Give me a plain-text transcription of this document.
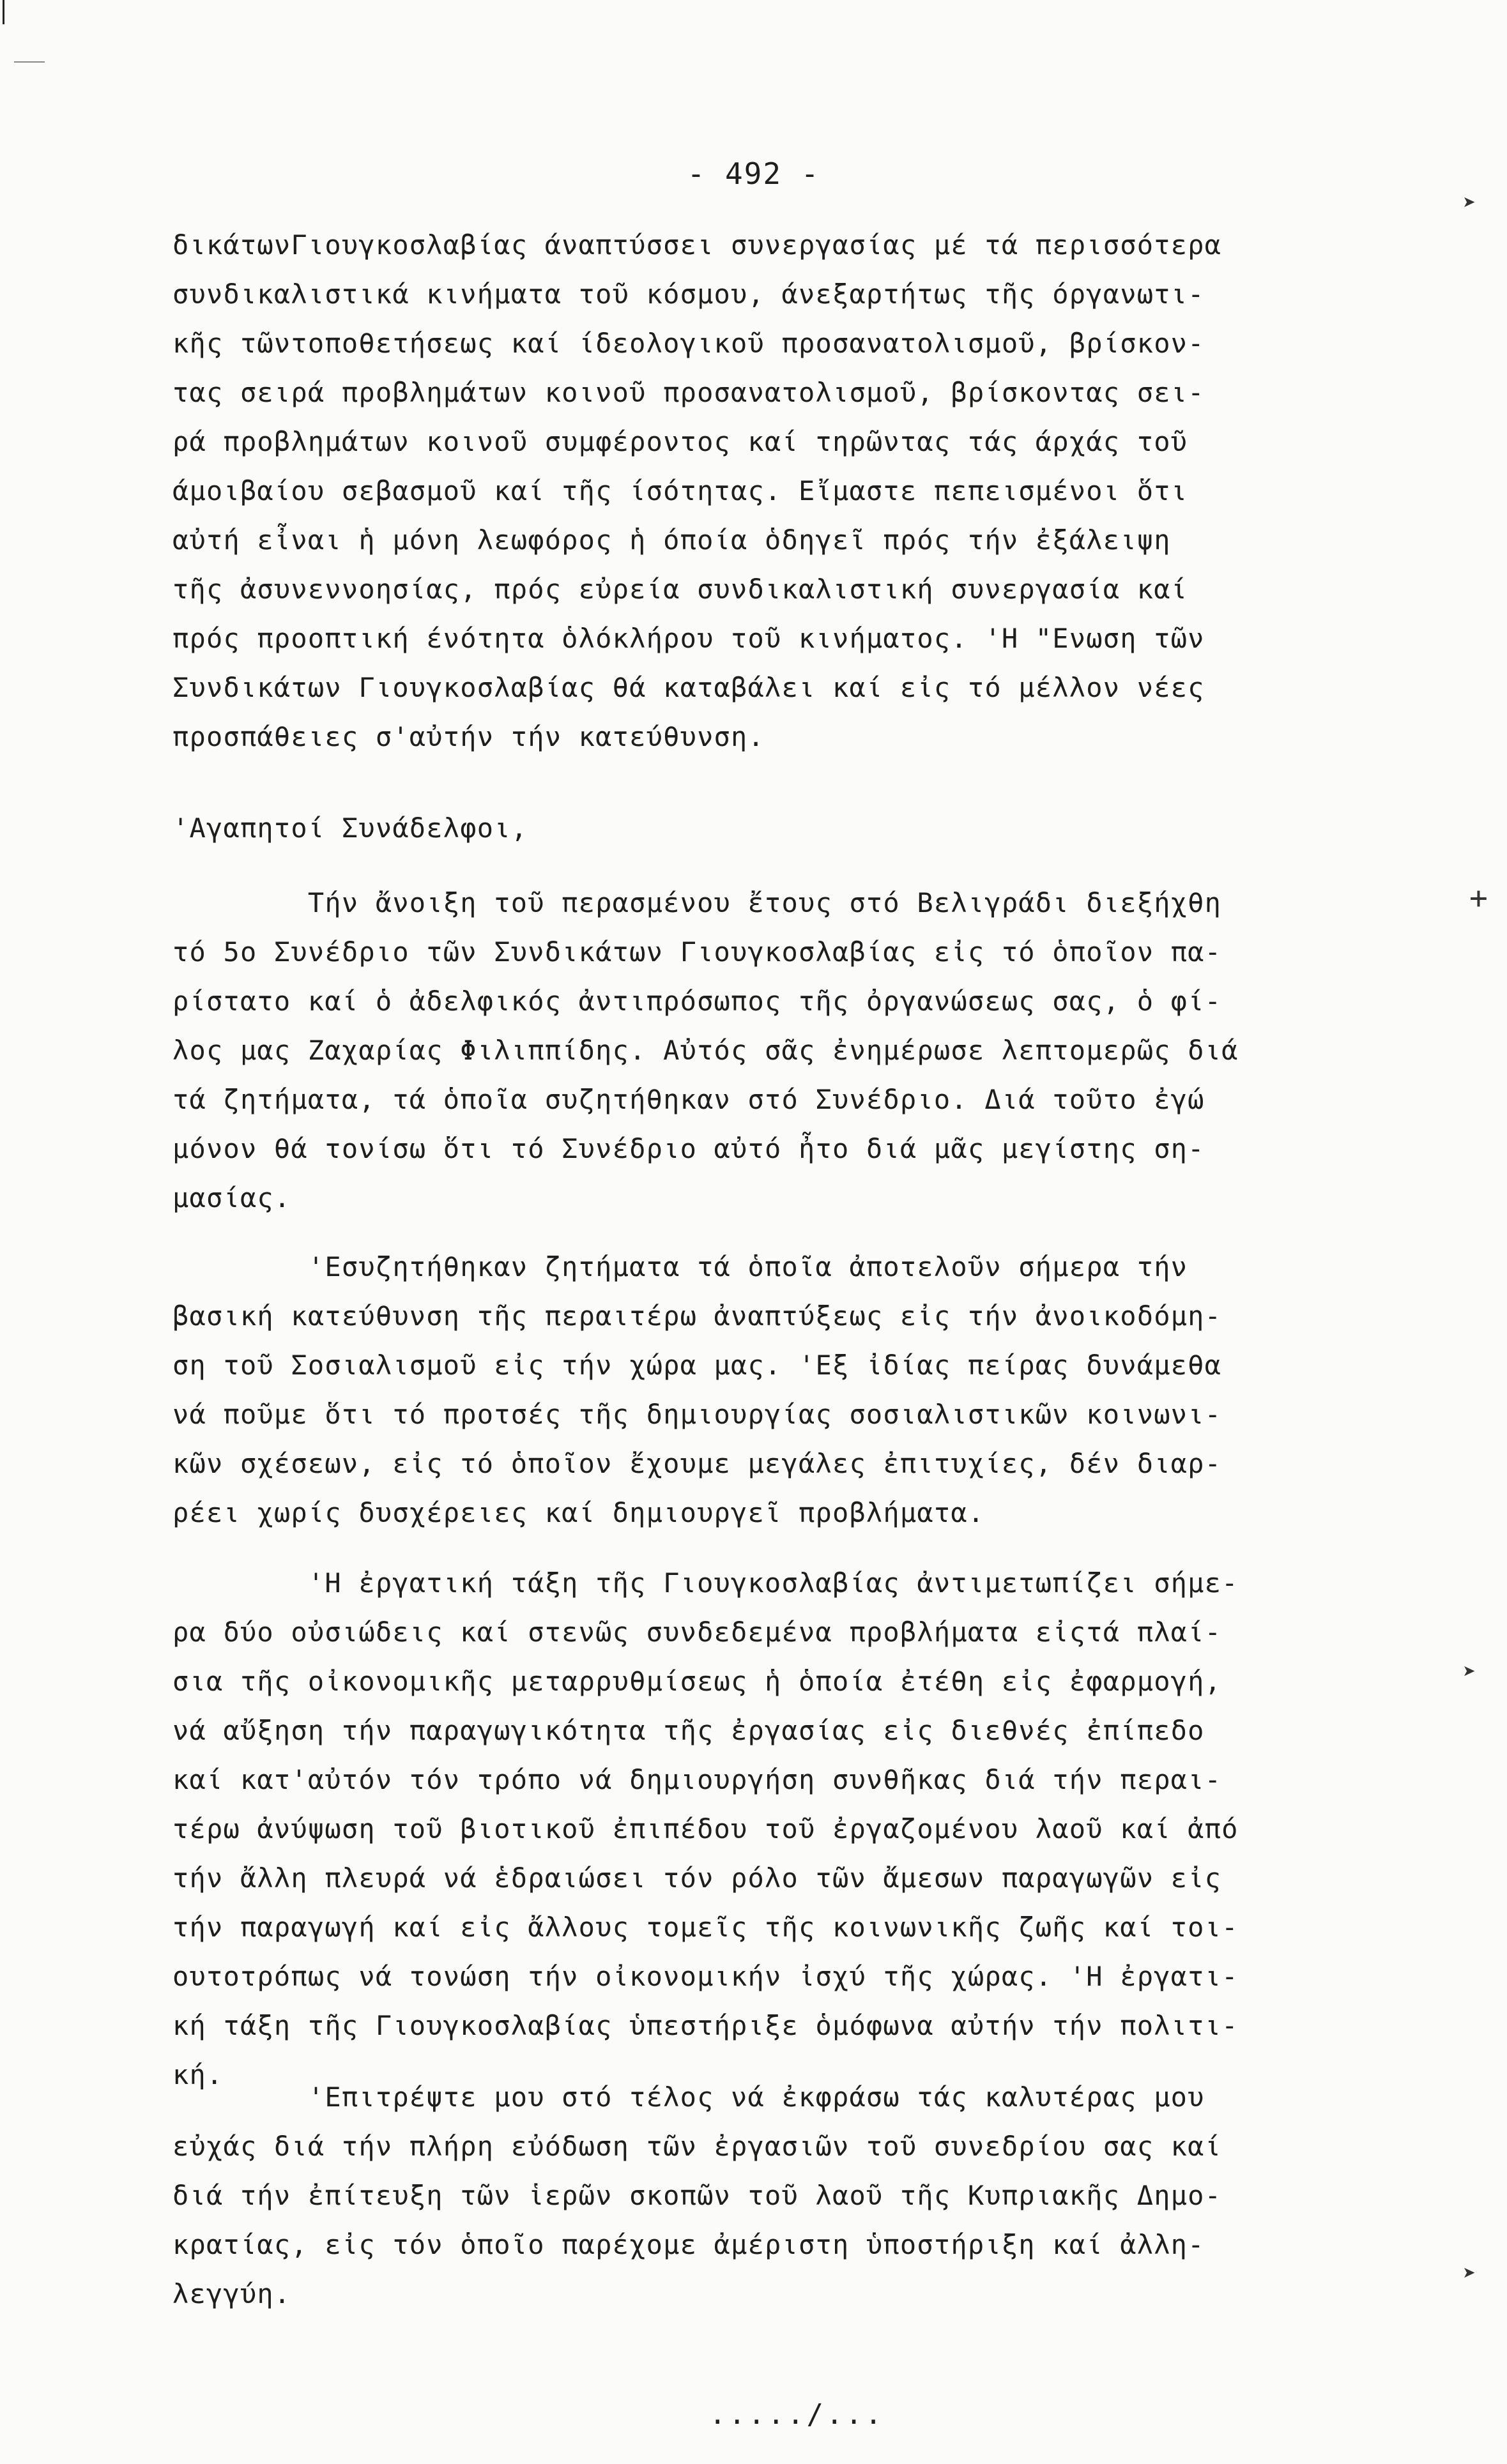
- 492 -
δικάτωνΓιουγκοσλαβίας άναπτύσσει συνεργασίας μέ τά περισσότερα
συνδικαλιστικά κινήματα τοῦ κόσμου, άνεξαρτήτως τῆς όργανωτι-
κῆς τῶντοποθετήσεως καί ίδεολογικοῦ προσανατολισμοῦ, βρίσκον-
τας σειρά προβλημάτων κοινοῦ προσανατολισμοῦ, βρίσκοντας σει-
ρά προβλημάτων κοινοῦ συμφέροντος καί τηρῶντας τάς άρχάς τοῦ
άμοιβαίου σεβασμοῦ καί τῆς ίσότητας. Εἴμαστε πεπεισμένοι ὅτι
αὐτή εἶναι ἡ μόνη λεωφόρος ἡ όποία ὁδηγεῖ πρός τήν ἐξάλειψη
τῆς ἀσυνεννοησίας, πρός εὐρεία συνδικαλιστική συνεργασία καί
πρός προοπτική ένότητα ὁλόκλήρου τοῦ κινήματος. 'Η "Ενωση τῶν
Συνδικάτων Γιουγκοσλαβίας θά καταβάλει καί εἰς τό μέλλον νέες
προσπάθειες σ'αὐτήν τήν κατεύθυνση.
'Αγαπητοί Συνάδελφοι,
Τήν ἄνοιξη τοῦ περασμένου ἔτους στό Βελιγράδι διεξήχθη
τό 5ο Συνέδριο τῶν Συνδικάτων Γιουγκοσλαβίας εἰς τό ὁποῖον πα-
ρίστατο καί ὁ ἀδελφικός ἀντιπρόσωπος τῆς ὀργανώσεως σας, ὁ φί-
λος μας Ζαχαρίας Φιλιππίδης. Αὐτός σᾶς ἐνημέρωσε λεπτομερῶς διά
τά ζητήματα, τά ὁποῖα συζητήθηκαν στό Συνέδριο. Διά τοῦτο ἐγώ
μόνον θά τονίσω ὅτι τό Συνέδριο αὐτό ἦτο διά μᾶς μεγίστης ση-
μασίας.
'Εσυζητήθηκαν ζητήματα τά ὁποῖα ἀποτελοῦν σήμερα τήν
βασική κατεύθυνση τῆς περαιτέρω ἀναπτύξεως εἰς τήν ἀνοικοδόμη-
ση τοῦ Σοσιαλισμοῦ εἰς τήν χώρα μας. 'Εξ ἰδίας πείρας δυνάμεθα
νά ποῦμε ὅτι τό προτσές τῆς δημιουργίας σοσιαλιστικῶν κοινωνι-
κῶν σχέσεων, εἰς τό ὁποῖον ἔχουμε μεγάλες ἐπιτυχίες, δέν διαρ-
ρέει χωρίς δυσχέρειες καί δημιουργεῖ προβλήματα.
'Η ἐργατική τάξη τῆς Γιουγκοσλαβίας ἀντιμετωπίζει σήμε-
ρα δύο οὐσιώδεις καί στενῶς συνδεδεμένα προβλήματα εἰςτά πλαί-
σια τῆς οἰκονομικῆς μεταρρυθμίσεως ἡ ὁποία ἐτέθη εἰς ἐφαρμογή,
νά αὔξηση τήν παραγωγικότητα τῆς ἐργασίας εἰς διεθνές ἐπίπεδο
καί κατ'αὐτόν τόν τρόπο νά δημιουργήση συνθῆκας διά τήν περαι-
τέρω ἀνύψωση τοῦ βιοτικοῦ ἐπιπέδου τοῦ ἐργαζομένου λαοῦ καί ἀπό
τήν ἄλλη πλευρά νά ἑδραιώσει τόν ρόλο τῶν ἄμεσων παραγωγῶν εἰς
τήν παραγωγή καί εἰς ἄλλους τομεῖς τῆς κοινωνικῆς ζωῆς καί τοι-
ουτοτρόπως νά τονώση τήν οἰκονομικήν ἰσχύ τῆς χώρας. 'Η ἐργατι-
κή τάξη τῆς Γιουγκοσλαβίας ὑπεστήριξε ὁμόφωνα αὐτήν τήν πολιτι-
κή.
'Επιτρέψτε μου στό τέλος νά ἐκφράσω τάς καλυτέρας μου
εὐχάς διά τήν πλήρη εὐόδωση τῶν ἐργασιῶν τοῦ συνεδρίου σας καί
διά τήν ἐπίτευξη τῶν ἱερῶν σκοπῶν τοῦ λαοῦ τῆς Κυπριακῆς Δημο-
κρατίας, εἰς τόν ὁποῖο παρέχομε ἀμέριστη ὑποστήριξη καί ἀλλη-
λεγγύη.
...../...
+
➤
➤
➤
